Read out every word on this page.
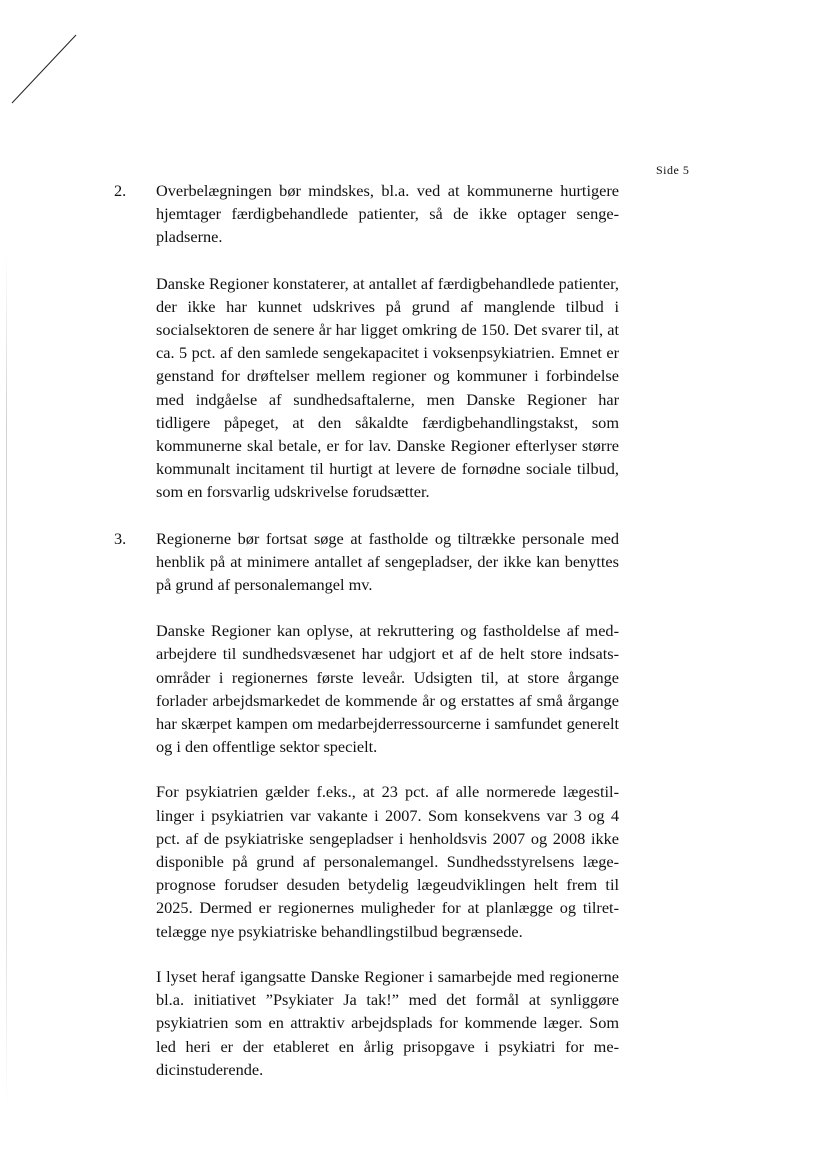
Side 5
2.	Overbelægningen bør mindskes, bl.a. ved at kommunerne hurtigere hjemtager færdigbehandlede patienter, så de ikke optager sengepladserne.

Danske Regioner konstaterer, at antallet af færdigbehandlede patienter, der ikke har kunnet udskrives på grund af manglende tilbud i socialsektoren de senere år har ligget omkring de 150. Det svarer til, at ca. 5 pct. af den samlede sengekapacitet i voksenpsykiatrien. Emnet er genstand for drøftelser mellem regioner og kommuner i forbindelse med indgåelse af sundhedsaftalerne, men Danske Regioner har tidligere påpeget, at den såkaldte færdigbehandlingstakst, som kommunerne skal betale, er for lav. Danske Regioner efterlyser større kommunalt incitament til hurtigt at levere de fornødne sociale tilbud, som en forsvarlig udskrivelse forudsætter.

3.	Regionerne bør fortsat søge at fastholde og tiltrække personale med henblik på at minimere antallet af sengepladser, der ikke kan benyttes på grund af personalemangel mv.

Danske Regioner kan oplyse, at rekruttering og fastholdelse af medarbejdere til sundhedsvæsenet har udgjort et af de helt store indsatsområder i regionernes første leveår. Udsigten til, at store årgange forlader arbejdsmarkedet de kommende år og erstattes af små årgange har skærpet kampen om medarbejderressourcerne i samfundet generelt og i den offentlige sektor specielt.

For psykiatrien gælder f.eks., at 23 pct. af alle normerede lægestillinger i psykiatrien var vakante i 2007. Som konsekvens var 3 og 4 pct. af de psykiatriske sengepladser i henholdsvis 2007 og 2008 ikke disponible på grund af personalemangel. Sundhedsstyrelsens lægeprognose forudser desuden betydelig lægeudviklingen helt frem til 2025. Dermed er regionernes muligheder for at planlægge og tilrettelægge nye psykiatriske behandlingstilbud begrænsede.

I lyset heraf igangsatte Danske Regioner i samarbejde med regionerne bl.a. initiativet ”Psykiater Ja tak!” med det formål at synliggøre psykiatrien som en attraktiv arbejdsplads for kommende læger. Som led heri er der etableret en årlig prisopgave i psykiatri for medicinstuderende.
